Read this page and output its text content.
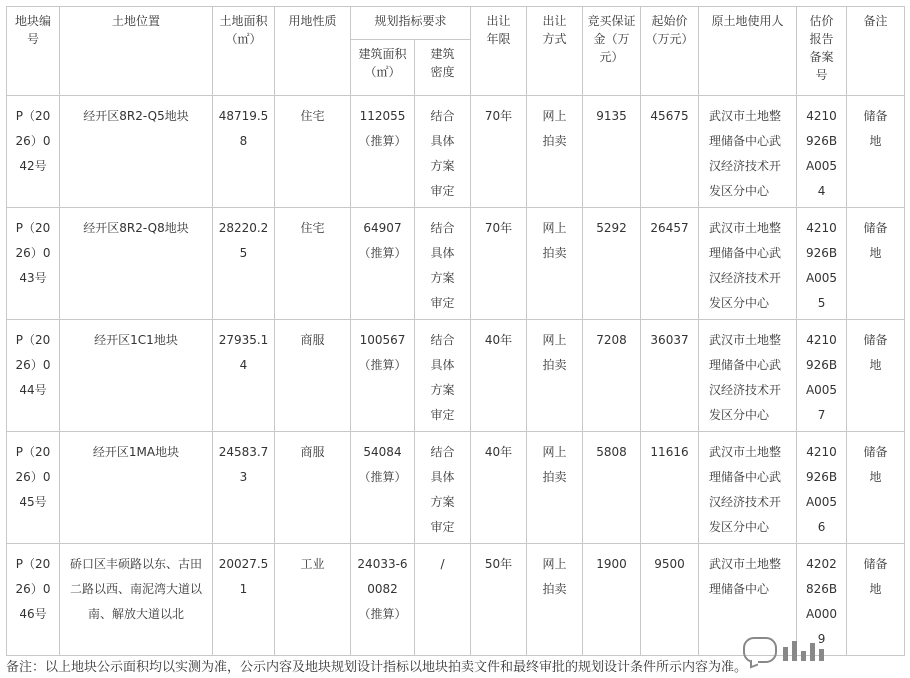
地块编号	土地位置	土地面积（㎡）	用地性质	规划指标要求		出让年限	出让方式	竞买保证金（万元）	起始价（万元）	原土地使用人	估价报告备案号	备注

				建筑面积（㎡）	建筑密度							

P（2026）042号	经开区8R2-Q5地块	48719.58	住宅	112055（推算）	结合具体方案审定	70年	网上拍卖	9135	45675	武汉市土地整理储备中心武汉经济技术开发区分中心	4210926BA0054	储备地

P（2026）043号	经开区8R2-Q8地块	28220.25	住宅	64907（推算）	结合具体方案审定	70年	网上拍卖	5292	26457	武汉市土地整理储备中心武汉经济技术开发区分中心	4210926BA0055	储备地

P（2026）044号	经开区1C1地块	27935.14	商服	100567（推算）	结合具体方案审定	40年	网上拍卖	7208	36037	武汉市土地整理储备中心武汉经济技术开发区分中心	4210926BA0057	储备地

P（2026）045号	经开区1MA地块	24583.73	商服	54084（推算）	结合具体方案审定	40年	网上拍卖	5808	11616	武汉市土地整理储备中心武汉经济技术开发区分中心	4210926BA0056	储备地

P（2026）046号	硚口区丰硕路以东、古田二路以西、南泥湾大道以南、解放大道以北	20027.51	工业	24033-60082（推算）	/	50年	网上拍卖	1900	9500	武汉市土地整理储备中心	4202826BA0009	储备地
备注：以上地块公示面积均以实测为准，公示内容及地块规划设计指标以地块拍卖文件和最终审批的规划设计条件所示内容为准。
